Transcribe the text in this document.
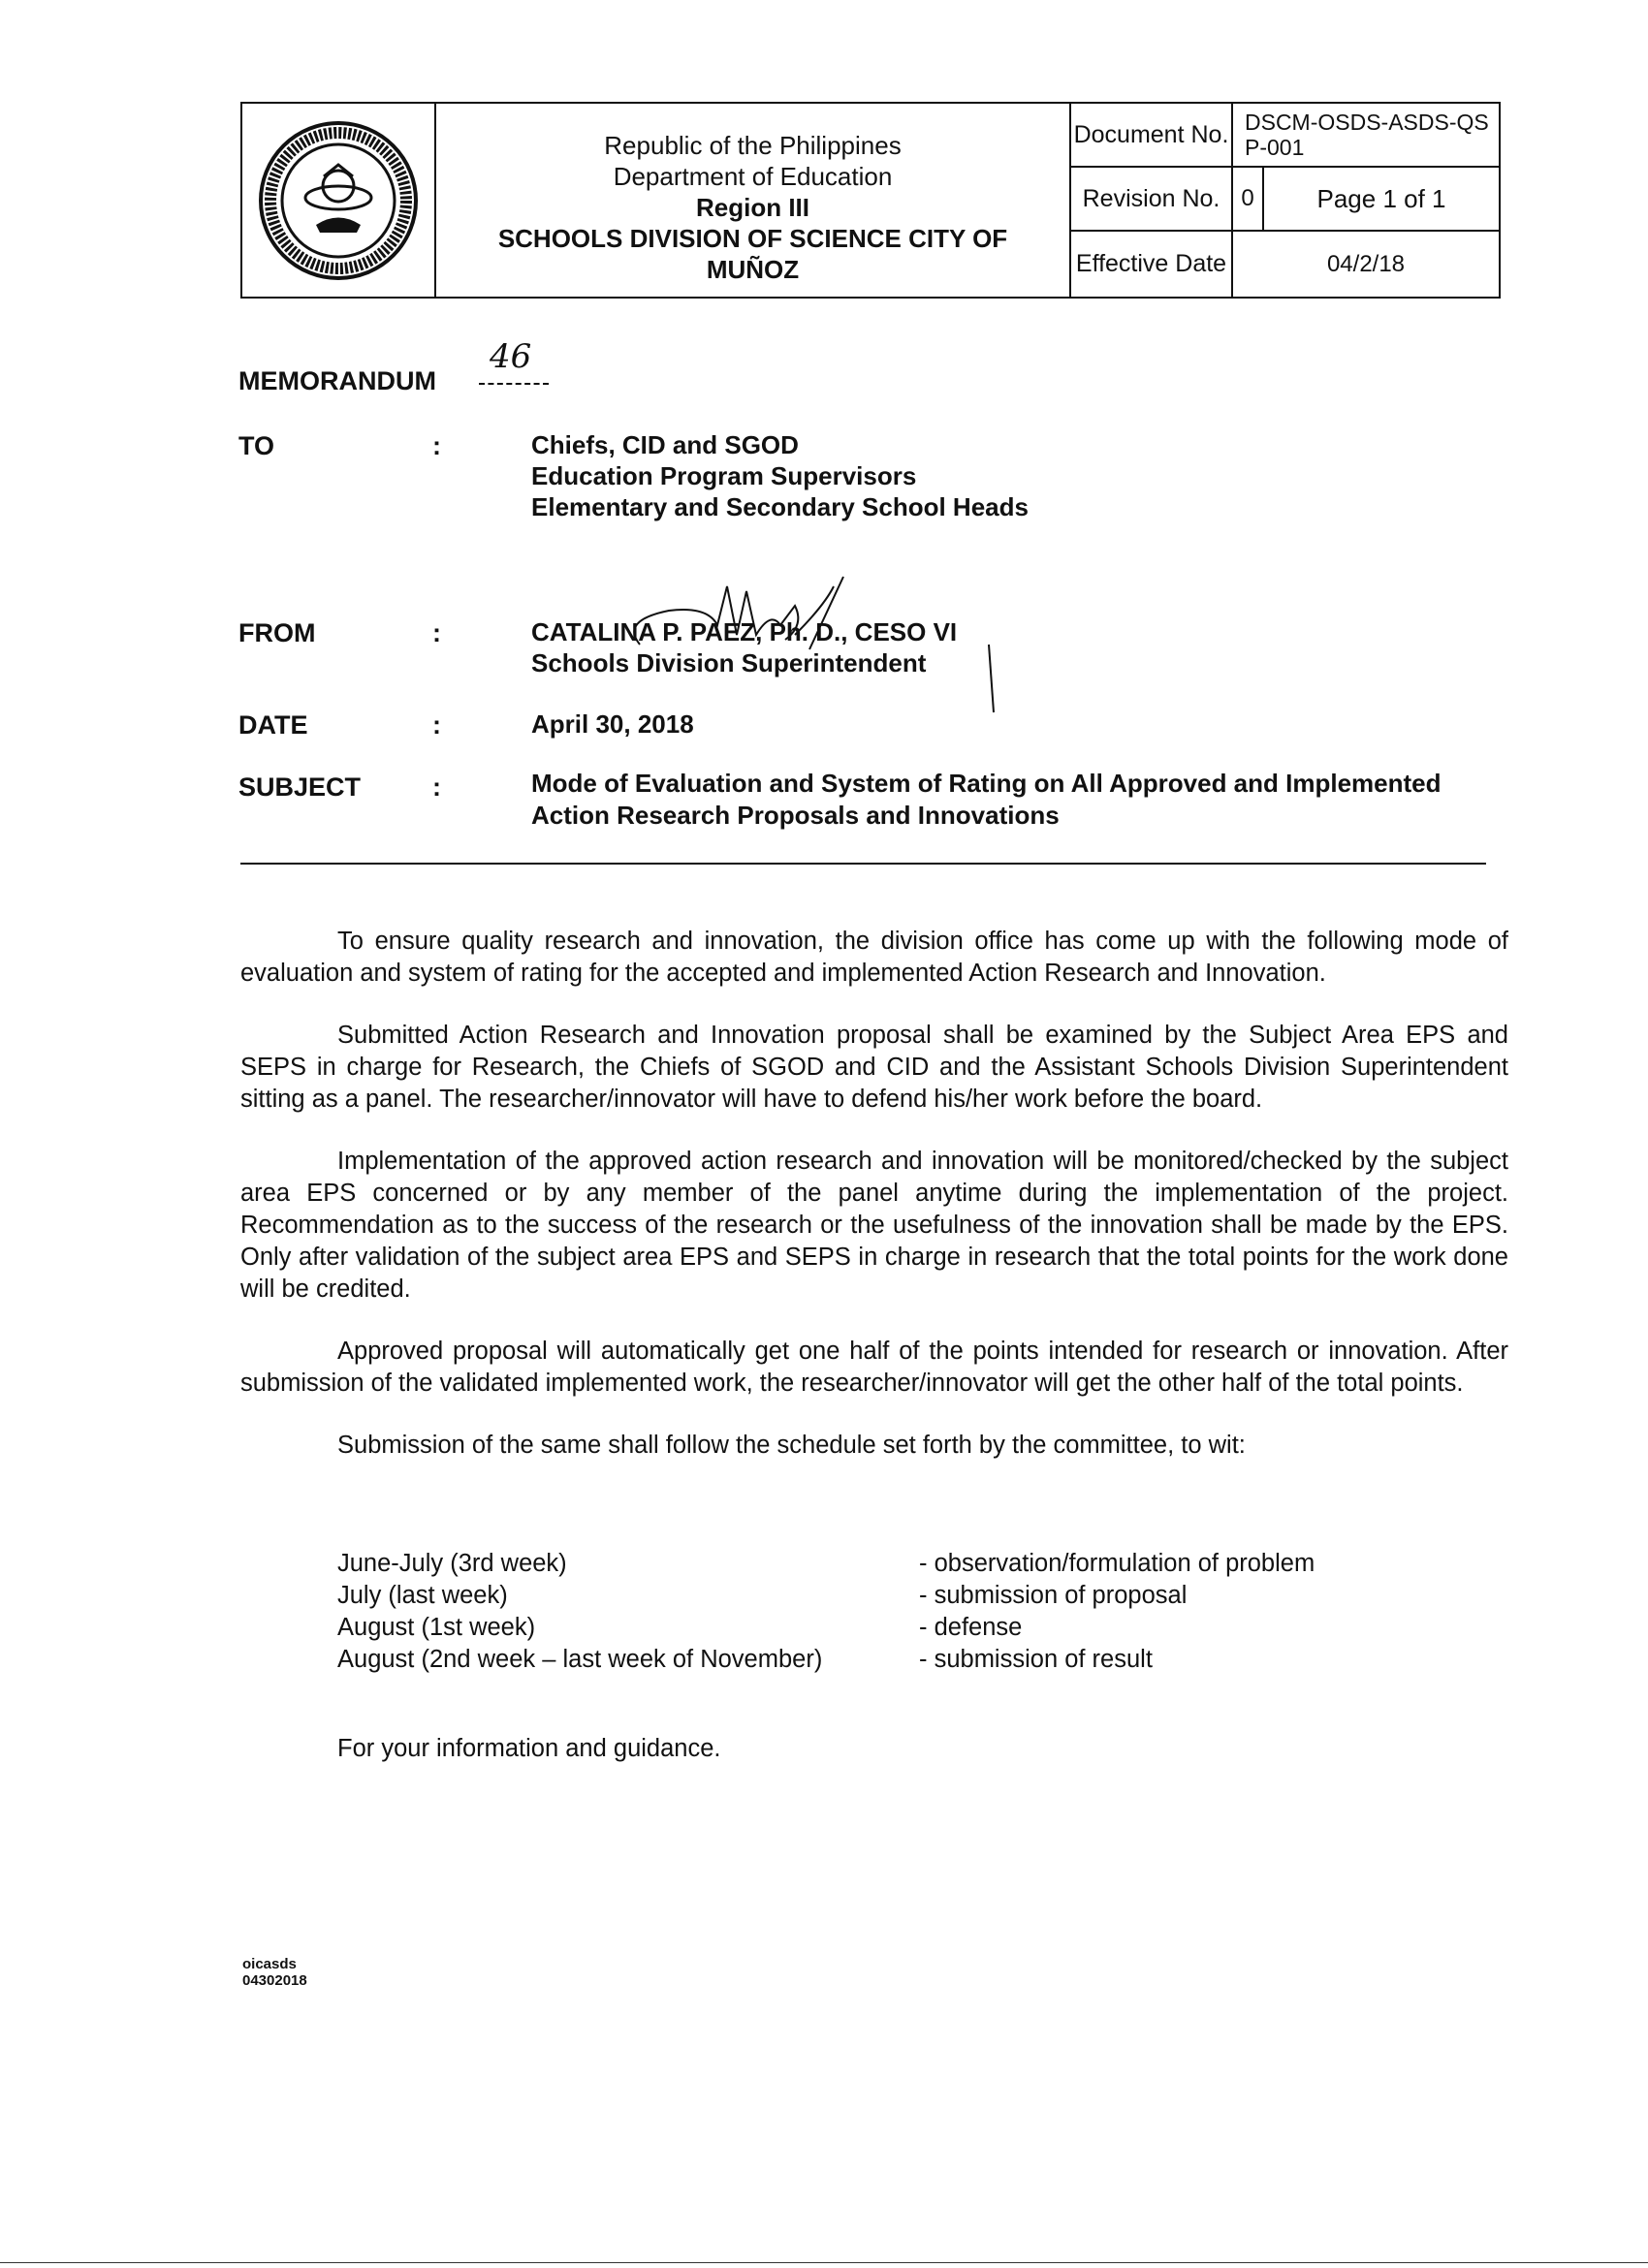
Republic of the Philippines
Department of Education
Region III
SCHOOLS DIVISION OF SCIENCE CITY OF
MUÑOZ
Document No. DSCM-OSDS-ASDS-QSP-001
Revision No. 0	Page 1 of 1
Effective Date	04/2/18
MEMORANDUM
46
TO	:	Chiefs, CID and SGOD
Education Program Supervisors
Elementary and Secondary School Heads
FROM	:	CATALINA P. PAEZ, Ph. D., CESO VI
Schools Division Superintendent
DATE	:	April 30, 2018
SUBJECT	:	Mode of Evaluation and System of Rating on All Approved and Implemented Action Research Proposals and Innovations

To ensure quality research and innovation, the division office has come up with the following mode of evaluation and system of rating for the accepted and implemented Action Research and Innovation.

Submitted Action Research and Innovation proposal shall be examined by the Subject Area EPS and SEPS in charge for Research, the Chiefs of SGOD and CID and the Assistant Schools Division Superintendent sitting as a panel. The researcher/innovator will have to defend his/her work before the board.

Implementation of the approved action research and innovation will be monitored/checked by the subject area EPS concerned or by any member of the panel anytime during the implementation of the project. Recommendation as to the success of the research or the usefulness of the innovation shall be made by the EPS. Only after validation of the subject area EPS and SEPS in charge in research that the total points for the work done will be credited.

Approved proposal will automatically get one half of the points intended for research or innovation. After submission of the validated implemented work, the researcher/innovator will get the other half of the total points.

Submission of the same shall follow the schedule set forth by the committee, to wit:

June-July (3rd week)	- observation/formulation of problem
July (last week)	- submission of proposal
August (1st week)	- defense
August (2nd week – last week of November)	- submission of result
For your information and guidance.
oicasds
04302018
